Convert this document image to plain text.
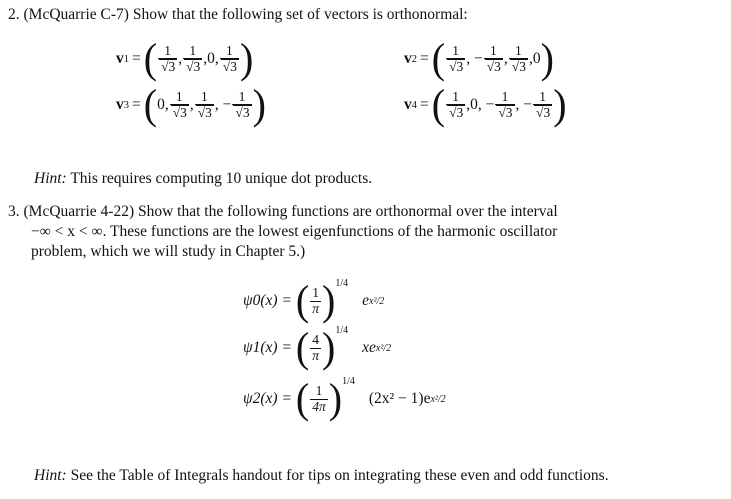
2. (McQuarrie C-7) Show that the following set of vectors is orthonormal:
v 1 = ( $\frac{1}{√3}$ , $\frac{1}{√3}$ , 0 , $\frac{1}{√3}$ )	v 2 = ( $\frac{1}{√3}$ , − $\frac{1}{√3}$ , $\frac{1}{√3}$ , 0 )
v 3 = ( 0 , $\frac{1}{√3}$ , $\frac{1}{√3}$ , − $\frac{1}{√3}$ )	v 4 = ( $\frac{1}{√3}$ , 0 , − $\frac{1}{√3}$ , − $\frac{1}{√3}$ )
Hint: This requires computing 10 unique dot products.
3. (McQuarrie 4-22) Show that the following functions are orthonormal over the interval
−∞ < x < ∞. These functions are the lowest eigenfunctions of the harmonic oscillator
problem, which we will study in Chapter 5.)
ψ0(x) = ( $\frac{1}{\pi} )^{1/4}$
e x²/2
ψ1(x) = ( $\frac{4}{\pi} )^{1/4}$
xe x²/2
ψ2(x) = ( $\frac{1}{4\pi} )^{1/4}$
(2x² − 1)e x²/2
Hint: See the Table of Integrals handout for tips on integrating these even and odd functions.
